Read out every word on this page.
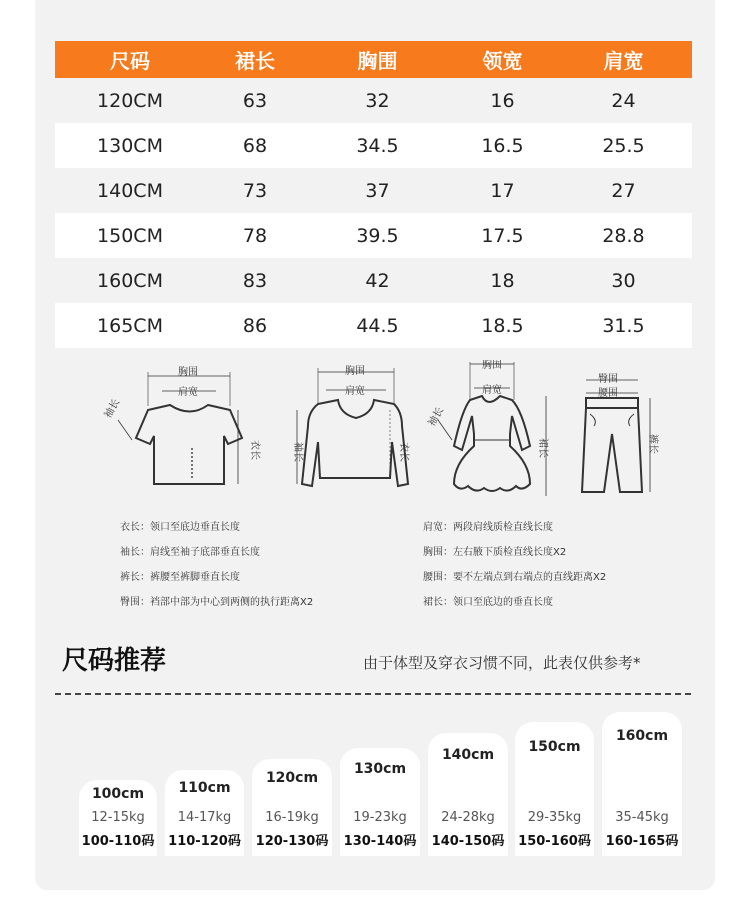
尺码	裙长	胸围	领宽	肩宽
120CM	63	32	16	24
130CM	68	34.5	16.5	25.5
140CM	73	37	17	27
150CM	78	39.5	17.5	28.8
160CM	83	42	18	30
165CM	86	44.5	18.5	31.5
胸围
肩宽
袖长
衣长
胸围
肩宽
袖长	衣长
胸围
肩宽
袖长
裙长
臀围
腰围
裤长
衣长：领口至底边垂直长度
袖长：肩线至袖子底部垂直长度
裤长：裤腰至裤脚垂直长度
臀围：裆部中部为中心到两侧的执行距离X2
肩宽：两段肩线质检直线长度
胸围：左右腋下质检直线长度X2
腰围：要不左端点到右端点的直线距离X2
裙长：领口至底边的垂直长度
尺码推荐	由于体型及穿衣习惯不同，此表仅供参考*
100cm
12-15kg
100-110码
110cm
14-17kg
110-120码
120cm
16-19kg
120-130码
130cm
19-23kg
130-140码
140cm
24-28kg
140-150码
150cm
29-35kg
150-160码
160cm
35-45kg
160-165码
